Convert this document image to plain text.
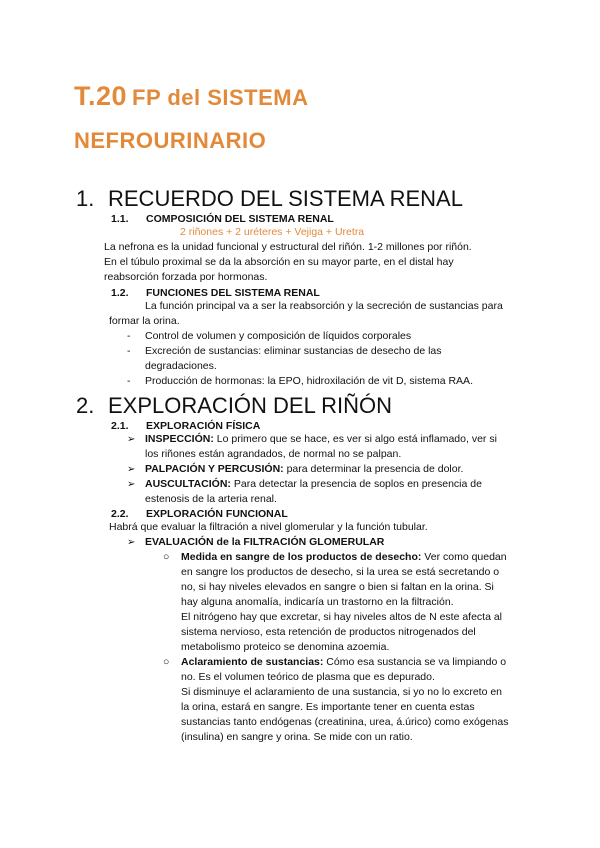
T.20 FP del SISTEMA
NEFROURINARIO
1. RECUERDO DEL SISTEMA RENAL
1.1. COMPOSICIÓN DEL SISTEMA RENAL
2 riñones + 2 uréteres + Vejiga + Uretra
La nefrona es la unidad funcional y estructural del riñón. 1-2 millones por riñón.
En el túbulo proximal se da la absorción en su mayor parte, en el distal hay
reabsorción forzada por hormonas.
1.2. FUNCIONES DEL SISTEMA RENAL
La función principal va a ser la reabsorción y la secreción de sustancias para
formar la orina.
- Control de volumen y composición de líquidos corporales
- Excreción de sustancias: eliminar sustancias de desecho de las
degradaciones.
- Producción de hormonas: la EPO, hidroxilación de vit D, sistema RAA.
2. EXPLORACIÓN DEL RIÑÓN
2.1. EXPLORACIÓN FÍSICA
➢ INSPECCIÓN: Lo primero que se hace, es ver si algo está inflamado, ver si
los riñones están agrandados, de normal no se palpan.
➢ PALPACIÓN Y PERCUSIÓN: para determinar la presencia de dolor.
➢ AUSCULTACIÓN: Para detectar la presencia de soplos en presencia de
estenosis de la arteria renal.
2.2. EXPLORACIÓN FUNCIONAL
Habrá que evaluar la filtración a nivel glomerular y la función tubular.
➢ EVALUACIÓN de la FILTRACIÓN GLOMERULAR
○ Medida en sangre de los productos de desecho: Ver como quedan
en sangre los productos de desecho, si la urea se está secretando o
no, si hay niveles elevados en sangre o bien si faltan en la orina. Si
hay alguna anomalía, indicaría un trastorno en la filtración.
El nitrógeno hay que excretar, si hay niveles altos de N este afecta al
sistema nervioso, esta retención de productos nitrogenados del
metabolismo proteico se denomina azoemia.
○ Aclaramiento de sustancias: Cómo esa sustancia se va limpiando o
no. Es el volumen teórico de plasma que es depurado.
Si disminuye el aclaramiento de una sustancia, si yo no lo excreto en
la orina, estará en sangre. Es importante tener en cuenta estas
sustancias tanto endógenas (creatinina, urea, á.úrico) como exógenas
(insulina) en sangre y orina. Se mide con un ratio.
